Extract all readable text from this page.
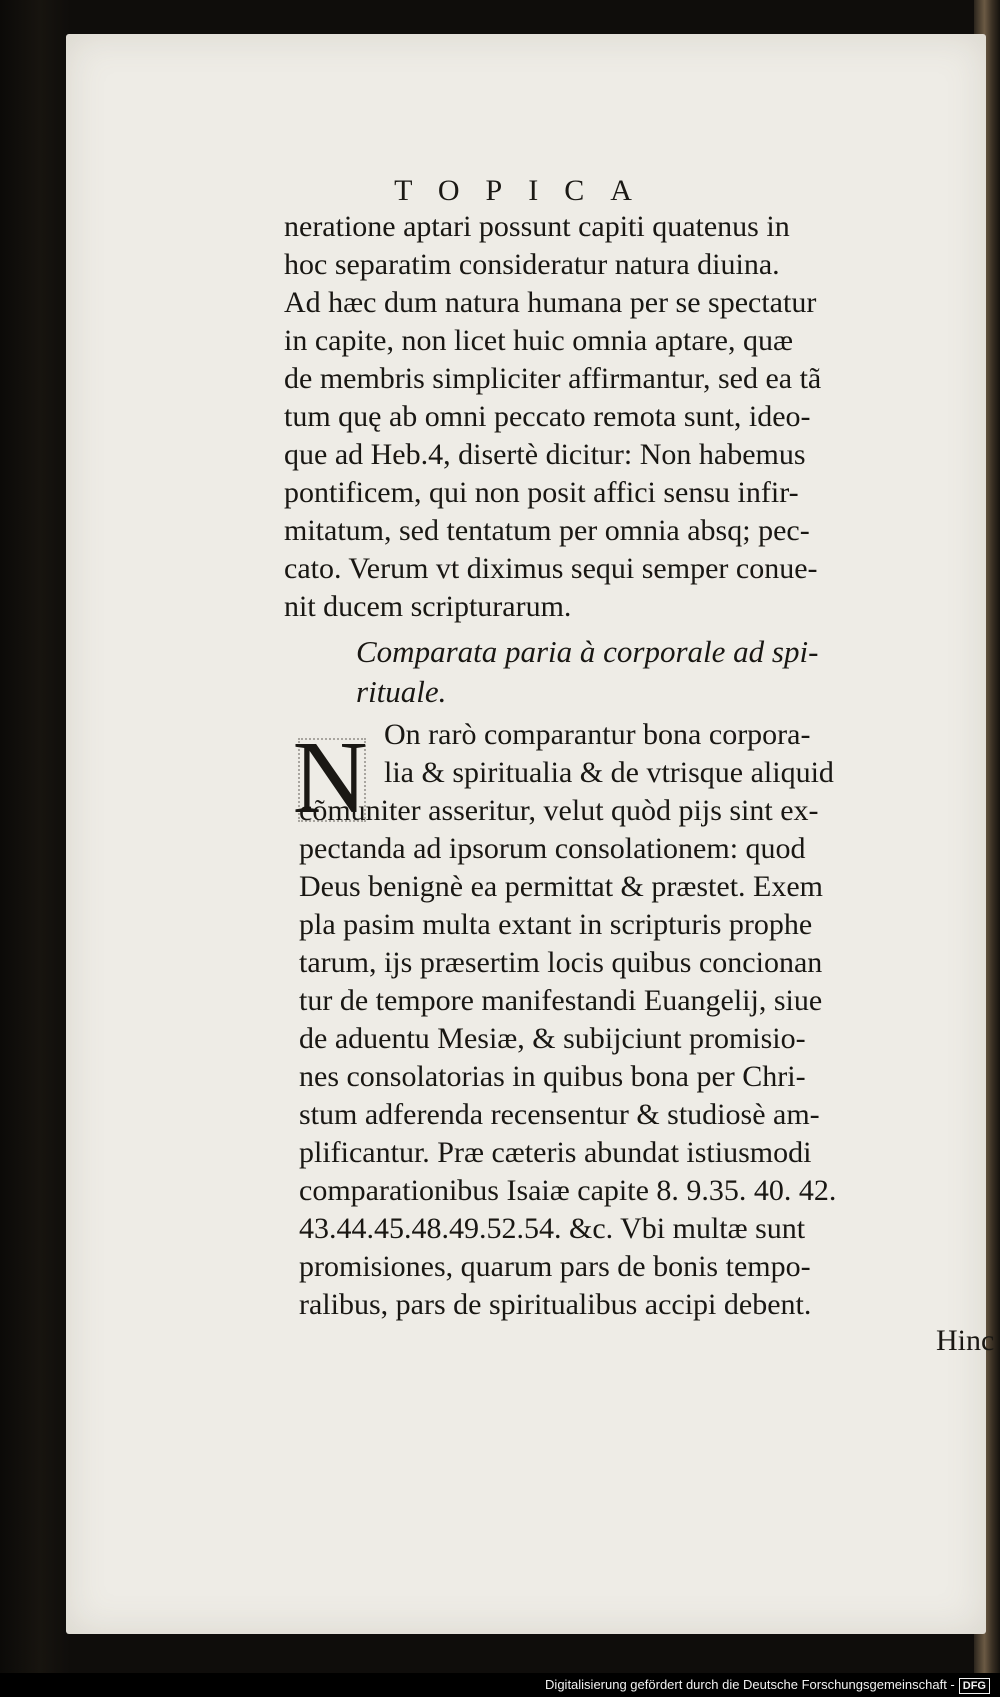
TOPICA
neratione aptari possunt capiti quatenus in
hoc separatim consideratur natura diuina.
Ad hæc dum natura humana per se spectatur
in capite, non licet huic omnia aptare, quæ
de membris simpliciter affirmantur, sed ea tã
tum quę ab omni peccato remota sunt, ideo-
que ad Heb.4, disertè dicitur: Non habemus
pontificem, qui non posit affici sensu infir-
mitatum, sed tentatum per omnia absq; pec-
cato. Verum vt diximus sequi semper conue-
nit ducem scripturarum.
Comparata paria à corporale ad spi-
rituale.
N On rarò comparantur bona corpora-
lia & spiritualia & de vtrisque aliquid
cõmuniter asseritur, velut quòd pijs sint ex-
pectanda ad ipsorum consolationem: quod
Deus benignè ea permittat & præstet. Exem
pla pasim multa extant in scripturis prophe
tarum, ijs præsertim locis quibus concionan
tur de tempore manifestandi Euangelij, siue
de aduentu Mesiæ, & subijciunt promisio-
nes consolatorias in quibus bona per Chri-
stum adferenda recensentur & studiosè am-
plificantur. Præ cæteris abundat istiusmodi
comparationibus Isaiæ capite 8. 9.35. 40. 42.
43.44.45.48.49.52.54. &c. Vbi multæ sunt
promisiones, quarum pars de bonis tempo-
ralibus, pars de spiritualibus accipi debent.
Hinc
Digitalisierung gefördert durch die Deutsche Forschungsgemeinschaft - DFG
